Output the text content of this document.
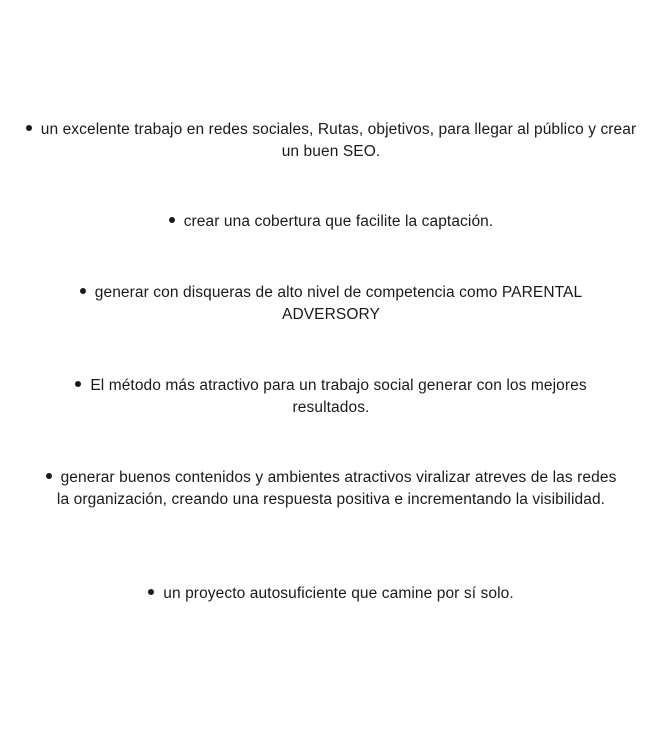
un excelente trabajo en redes sociales, Rutas, objetivos, para llegar al público y crear un buen SEO.
crear una cobertura que facilite la captación.
generar con disqueras de alto nivel de competencia como PARENTAL ADVERSORY
El método más atractivo para un trabajo social generar con los mejores resultados.
generar buenos contenidos y ambientes atractivos viralizar atreves de las redes la organización, creando una respuesta positiva e incrementando la visibilidad.
un proyecto autosuficiente que camine por sí solo.
